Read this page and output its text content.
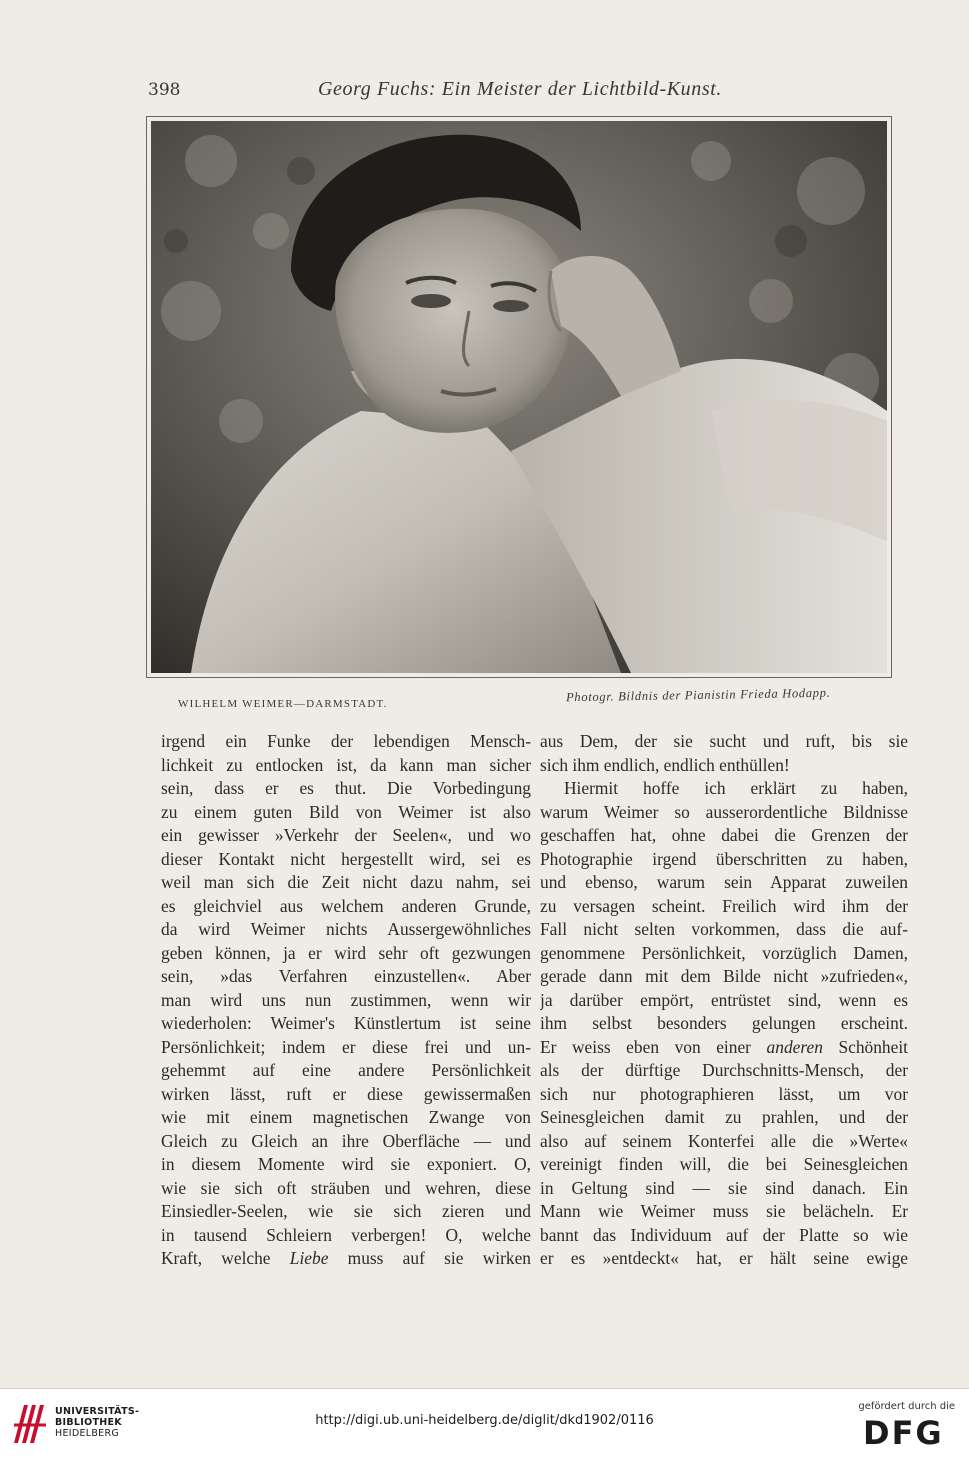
398	Georg Fuchs: Ein Meister der Lichtbild-Kunst.
WILHELM WEIMER—DARMSTADT.	Photogr. Bildnis der Pianistin Frieda Hodapp.
irgend ein Funke der lebendigen Mensch-
lichkeit zu entlocken ist, da kann man sicher
sein, dass er es thut. Die Vorbedingung
zu einem guten Bild von Weimer ist also
ein gewisser »Verkehr der Seelen«, und wo
dieser Kontakt nicht hergestellt wird, sei es
weil man sich die Zeit nicht dazu nahm, sei
es gleichviel aus welchem anderen Grunde,
da wird Weimer nichts Aussergewöhnliches
geben können, ja er wird sehr oft gezwungen
sein, »das Verfahren einzustellen«. Aber
man wird uns nun zustimmen, wenn wir
wiederholen: Weimer's Künstlertum ist seine
Persönlichkeit; indem er diese frei und un-
gehemmt auf eine andere Persönlichkeit
wirken lässt, ruft er diese gewissermaßen
wie mit einem magnetischen Zwange von
Gleich zu Gleich an ihre Oberfläche — und
in diesem Momente wird sie exponiert. O,
wie sie sich oft sträuben und wehren, diese
Einsiedler-Seelen, wie sie sich zieren und
in tausend Schleiern verbergen! O, welche
Kraft, welche Liebe muss auf sie wirken
aus Dem, der sie sucht und ruft, bis sie
sich ihm endlich, endlich enthüllen!
Hiermit hoffe ich erklärt zu haben,
warum Weimer so ausserordentliche Bildnisse
geschaffen hat, ohne dabei die Grenzen der
Photographie irgend überschritten zu haben,
und ebenso, warum sein Apparat zuweilen
zu versagen scheint. Freilich wird ihm der
Fall nicht selten vorkommen, dass die auf-
genommene Persönlichkeit, vorzüglich Damen,
gerade dann mit dem Bilde nicht »zufrieden«,
ja darüber empört, entrüstet sind, wenn es
ihm selbst besonders gelungen erscheint.
Er weiss eben von einer anderen Schönheit
als der dürftige Durchschnitts-Mensch, der
sich nur photographieren lässt, um vor
Seinesgleichen damit zu prahlen, und der
also auf seinem Konterfei alle die »Werte«
vereinigt finden will, die bei Seinesgleichen
in Geltung sind — sie sind danach. Ein
Mann wie Weimer muss sie belächeln. Er
bannt das Individuum auf der Platte so wie
er es »entdeckt« hat, er hält seine ewige
UNIVERSITÄTS-
BIBLIOTHEK
HEIDELBERG
http://digi.ub.uni-heidelberg.de/diglit/dkd1902/0116
gefördert durch die
DFG
